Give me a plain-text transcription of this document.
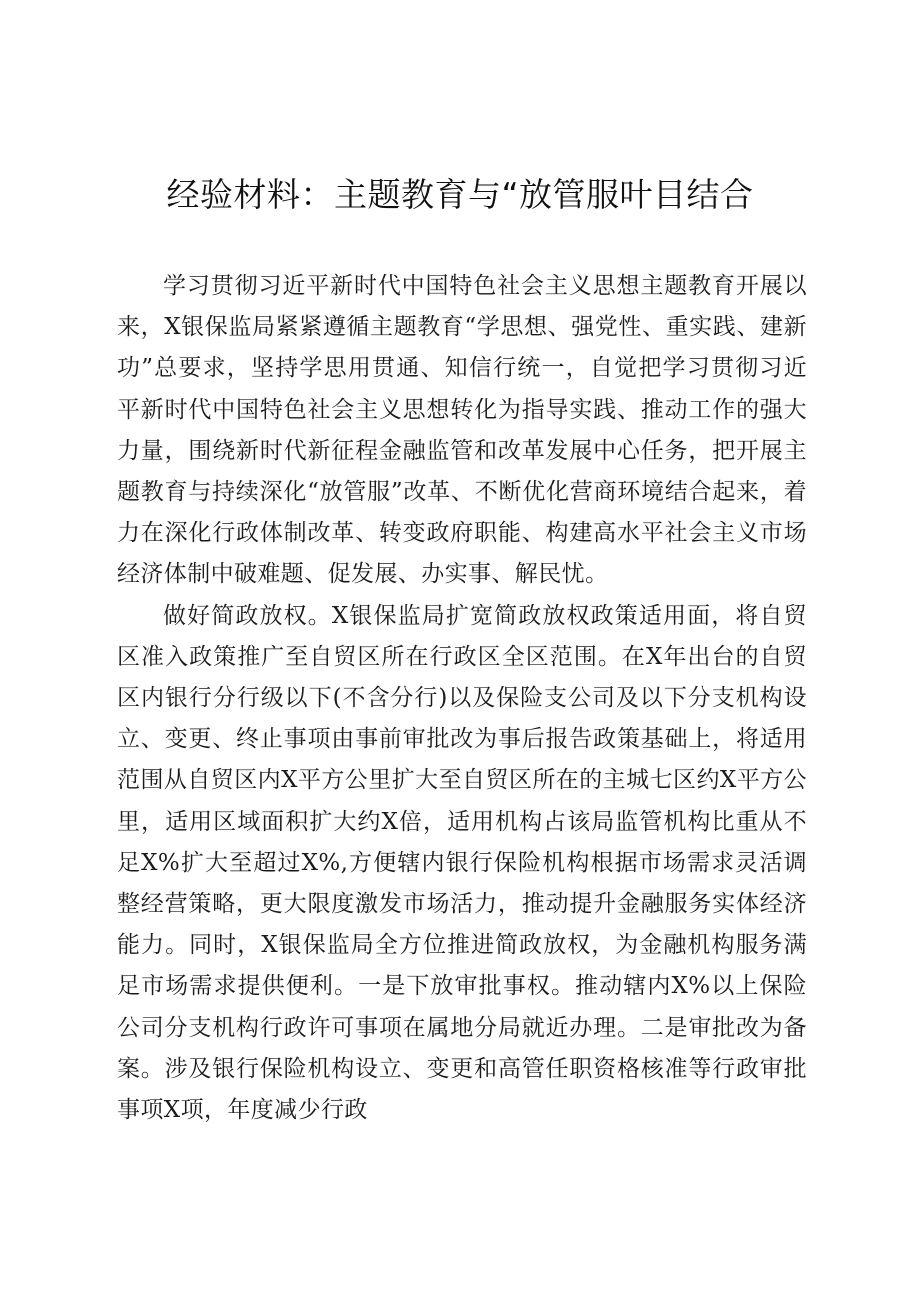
经验材料：主题教育与“放管服叶目结合

学习贯彻习近平新时代中国特色社会主义思想主题教育开展以来，X银保监局紧紧遵循主题教育“学思想、强党性、重实践、建新功”总要求，坚持学思用贯通、知信行统一，自觉把学习贯彻习近平新时代中国特色社会主义思想转化为指导实践、推动工作的强大力量，围绕新时代新征程金融监管和改革发展中心任务，把开展主题教育与持续深化“放管服”改革、不断优化营商环境结合起来，着力在深化行政体制改革、转变政府职能、构建高水平社会主义市场经济体制中破难题、促发展、办实事、解民忧。

做好简政放权。X银保监局扩宽简政放权政策适用面，将自贸区准入政策推广至自贸区所在行政区全区范围。在X年出台的自贸区内银行分行级以下(不含分行)以及保险支公司及以下分支机构设立、变更、终止事项由事前审批改为事后报告政策基础上，将适用范围从自贸区内X平方公里扩大至自贸区所在的主城七区约X平方公里，适用区域面积扩大约X倍，适用机构占该局监管机构比重从不足X%扩大至超过X%,方便辖内银行保险机构根据市场需求灵活调整经营策略，更大限度激发市场活力，推动提升金融服务实体经济能力。同时，X银保监局全方位推进简政放权，为金融机构服务满足市场需求提供便利。一是下放审批事权。推动辖内X%以上保险公司分支机构行政许可事项在属地分局就近办理。二是审批改为备案。涉及银行保险机构设立、变更和高管任职资格核准等行政审批事项X项，年度减少行政
